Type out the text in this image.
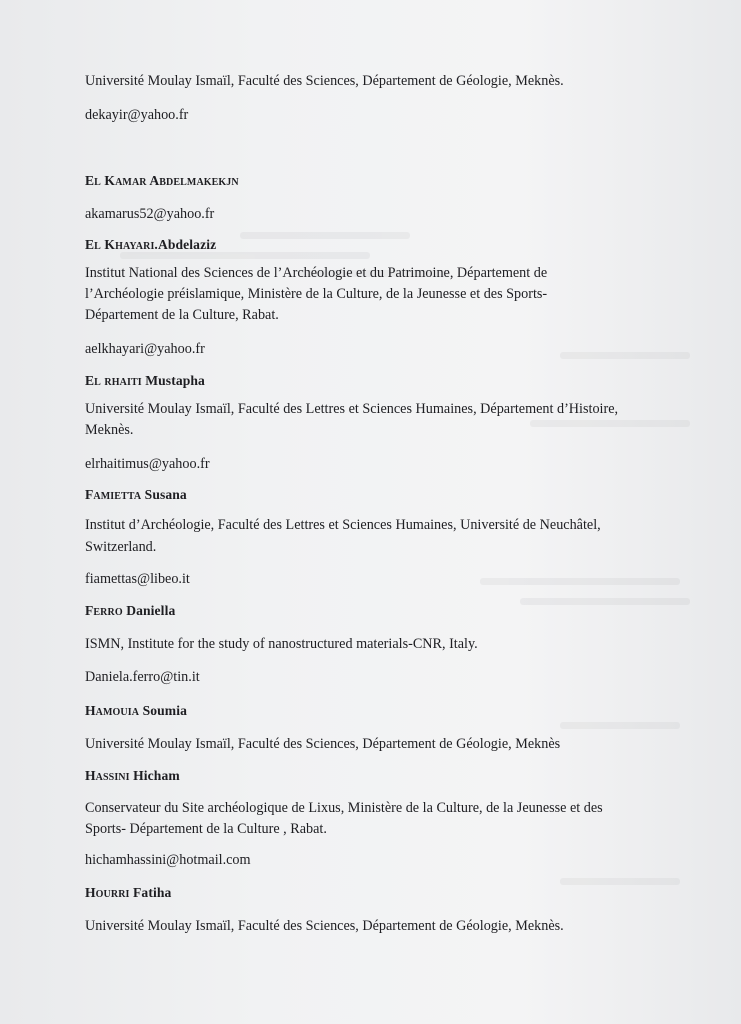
Université Moulay Ismaïl, Faculté des Sciences, Département de Géologie, Meknès.

dekayir@yahoo.fr

El Kamar Abdelmakekjn

akamarus52@yahoo.fr

El Khayari.Abdelaziz

Institut National des Sciences de l’Archéologie et du Patrimoine, Département de

l’Archéologie préislamique, Ministère de la Culture, de la Jeunesse et des Sports-

Département de la Culture, Rabat.

aelkhayari@yahoo.fr

El rhaiti Mustapha

Université Moulay Ismaïl, Faculté des Lettres et Sciences Humaines, Département d’Histoire,

Meknès.

elrhaitimus@yahoo.fr

Famietta Susana

Institut d’Archéologie, Faculté des Lettres et Sciences Humaines, Université de Neuchâtel,

Switzerland.

fiamettas@libeo.it

Ferro Daniella

ISMN, Institute for the study of nanostructured materials-CNR, Italy.

Daniela.ferro@tin.it

Hamouia Soumia

Université Moulay Ismaïl, Faculté des Sciences, Département de Géologie, Meknès

Hassini Hicham

Conservateur du Site archéologique de Lixus, Ministère de la Culture, de la Jeunesse et des

Sports- Département de la Culture , Rabat.

hichamhassini@hotmail.com

Hourri Fatiha

Université Moulay Ismaïl, Faculté des Sciences, Département de Géologie, Meknès.
